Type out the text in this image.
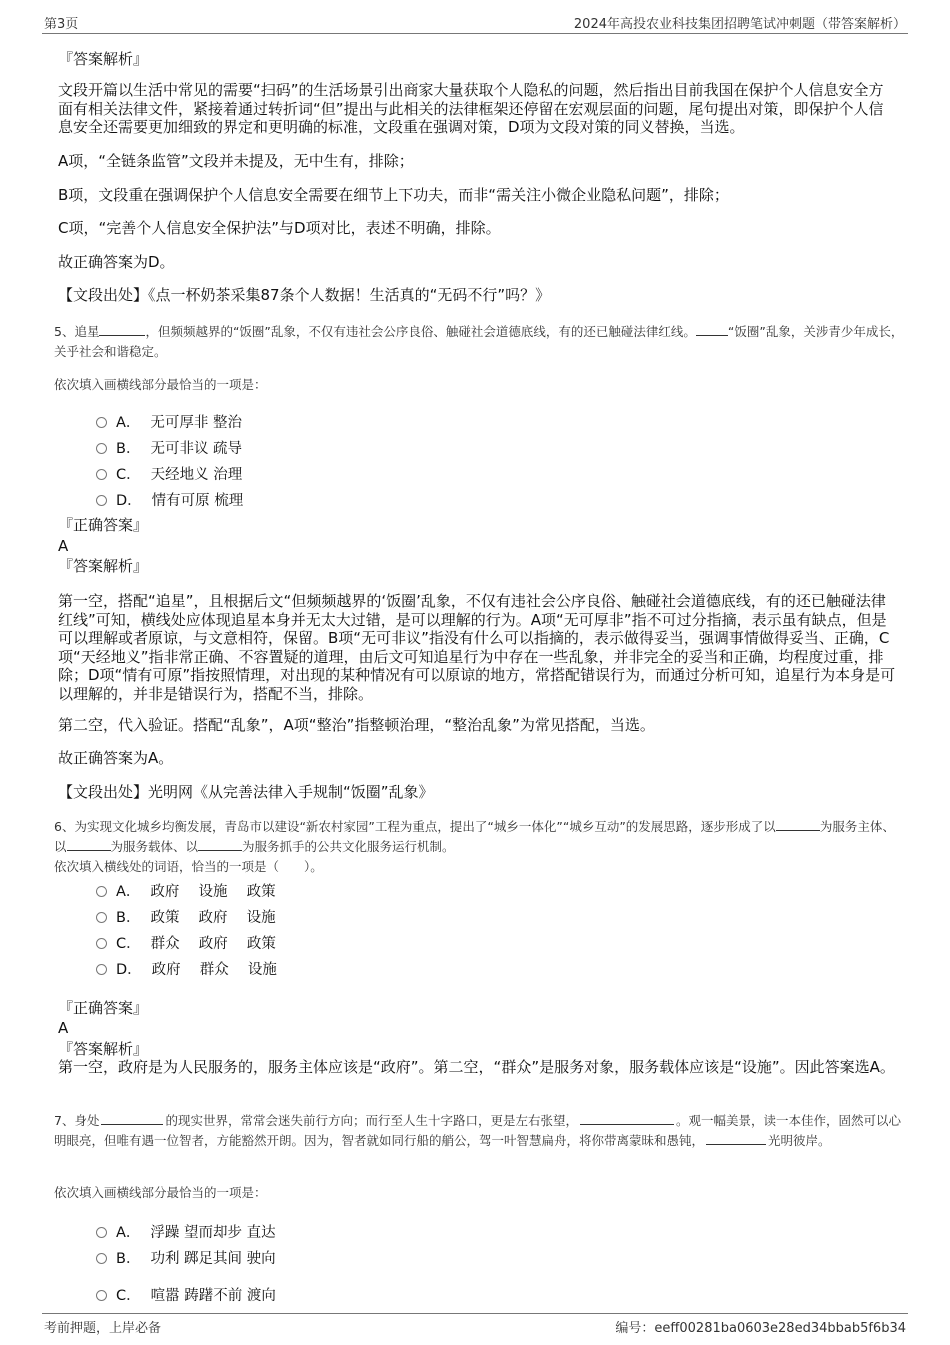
第3页	2024年高投农业科技集团招聘笔试冲刺题（带答案解析）
『答案解析』
文段开篇以生活中常见的需要“扫码”的生活场景引出商家大量获取个人隐私的问题，然后指出目前我国在保护个人信息安全方面有相关法律文件，紧接着通过转折词“但”提出与此相关的法律框架还停留在宏观层面的问题，尾句提出对策，即保护个人信息安全还需要更加细致的界定和更明确的标准，文段重在强调对策，D项为文段对策的同义替换，当选。
A项，“全链条监管”文段并未提及，无中生有，排除；
B项，文段重在强调保护个人信息安全需要在细节上下功夫，而非“需关注小微企业隐私问题”，排除；
C项，“完善个人信息安全保护法”与D项对比，表述不明确，排除。
故正确答案为D。
【文段出处】《点一杯奶茶采集87条个人数据！生活真的“无码不行”吗？》
5、追星	，但频频越界的“饭圈”乱象，不仅有违社会公序良俗、触碰社会道德底线，有的还已触碰法律红线。	“饭圈”乱象，关涉青少年成长，关乎社会和谐稳定。
依次填入画横线部分最恰当的一项是：
A． 无可厚非 整治
B． 无可非议 疏导
C． 天经地义 治理
D． 情有可原 梳理
『正确答案』
A
『答案解析』
第一空，搭配“追星”，且根据后文“但频频越界的‘饭圈’乱象，不仅有违社会公序良俗、触碰社会道德底线，有的还已触碰法律红线”可知，横线处应体现追星本身并无太大过错，是可以理解的行为。A项“无可厚非”指不可过分指摘，表示虽有缺点，但是可以理解或者原谅，与文意相符，保留。B项“无可非议”指没有什么可以指摘的，表示做得妥当，强调事情做得妥当、正确，C项“天经地义”指非常正确、不容置疑的道理，由后文可知追星行为中存在一些乱象，并非完全的妥当和正确，均程度过重，排除；D项“情有可原”指按照情理，对出现的某种情况有可以原谅的地方，常搭配错误行为，而通过分析可知，追星行为本身是可以理解的，并非是错误行为，搭配不当，排除。
第二空，代入验证。搭配“乱象”，A项“整治”指整顿治理，“整治乱象”为常见搭配，当选。
故正确答案为A。
【文段出处】光明网《从完善法律入手规制“饭圈”乱象》
6、为实现文化城乡均衡发展，青岛市以建设“新农村家园”工程为重点，提出了“城乡一体化”“城乡互动”的发展思路，逐步形成了以	为服务主体、以	为服务载体、以	为服务抓手的公共文化服务运行机制。
依次填入横线处的词语，恰当的一项是（　　）。
A． 政府　 设施　 政策
B． 政策　 政府　 设施
C． 群众　 政府　 政策
D． 政府　 群众　 设施
『正确答案』
A
『答案解析』
第一空，政府是为人民服务的，服务主体应该是“政府”。第二空，“群众”是服务对象，服务载体应该是“设施”。因此答案选A。
7、身处	的现实世界，常常会迷失前行方向；而行至人生十字路口，更是左右张望，	。观一幅美景，读一本佳作，固然可以心明眼亮，但唯有遇一位智者，方能豁然开朗。因为，智者就如同行船的艄公，驾一叶智慧扁舟，将你带离蒙昧和愚钝，	光明彼岸。
依次填入画横线部分最恰当的一项是：
A． 浮躁 望而却步 直达
B． 功利 踯足其间 驶向
C． 喧嚣 踌躇不前 渡向
考前押题，上岸必备	编号：eeff00281ba0603e28ed34bbab5f6b34
